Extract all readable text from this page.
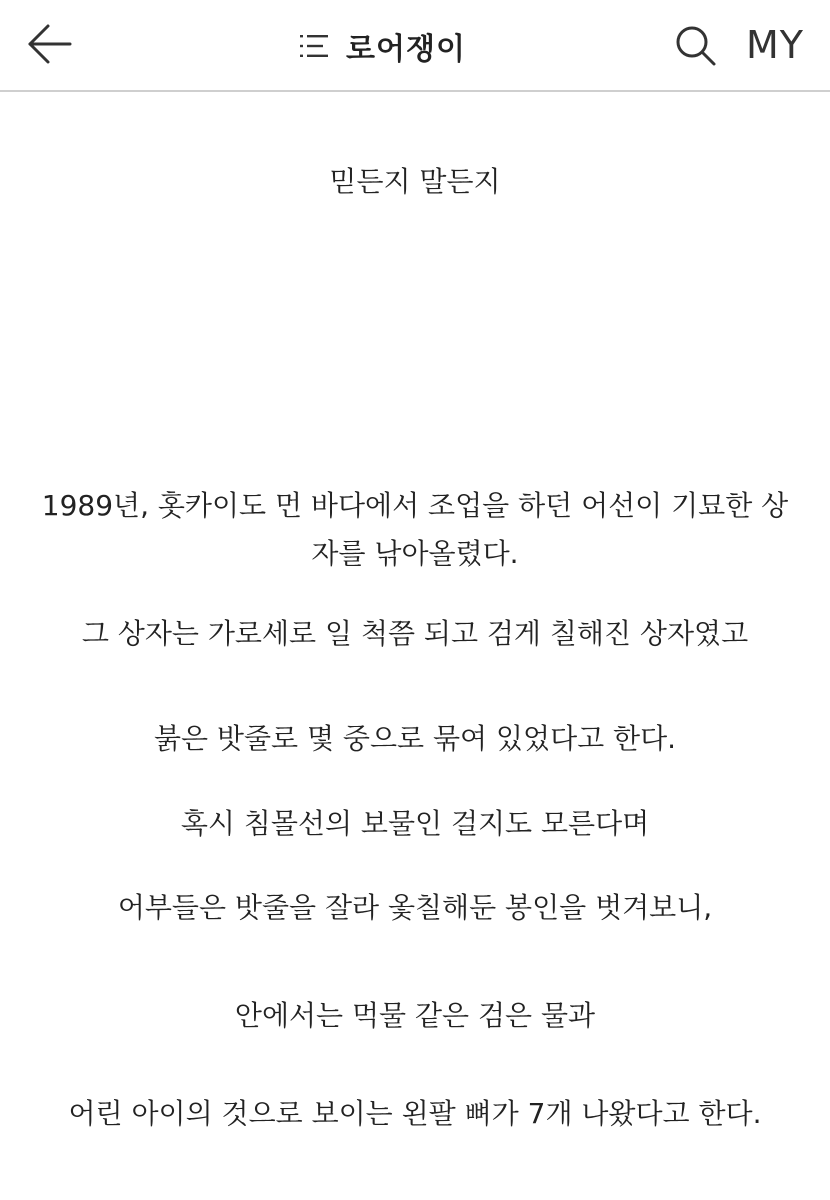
로어쟁이	MY
믿든지 말든지
1989년, 홋카이도 먼 바다에서 조업을 하던 어선이 기묘한 상자를 낚아올렸다.
그 상자는 가로세로 일 척쯤 되고 검게 칠해진 상자였고
붉은 밧줄로 몇 중으로 묶여 있었다고 한다.
혹시 침몰선의 보물인 걸지도 모른다며
어부들은 밧줄을 잘라 옻칠해둔 봉인을 벗겨보니,
안에서는 먹물 같은 검은 물과
어린 아이의 것으로 보이는 왼팔 뼈가 7개 나왔다고 한다.
